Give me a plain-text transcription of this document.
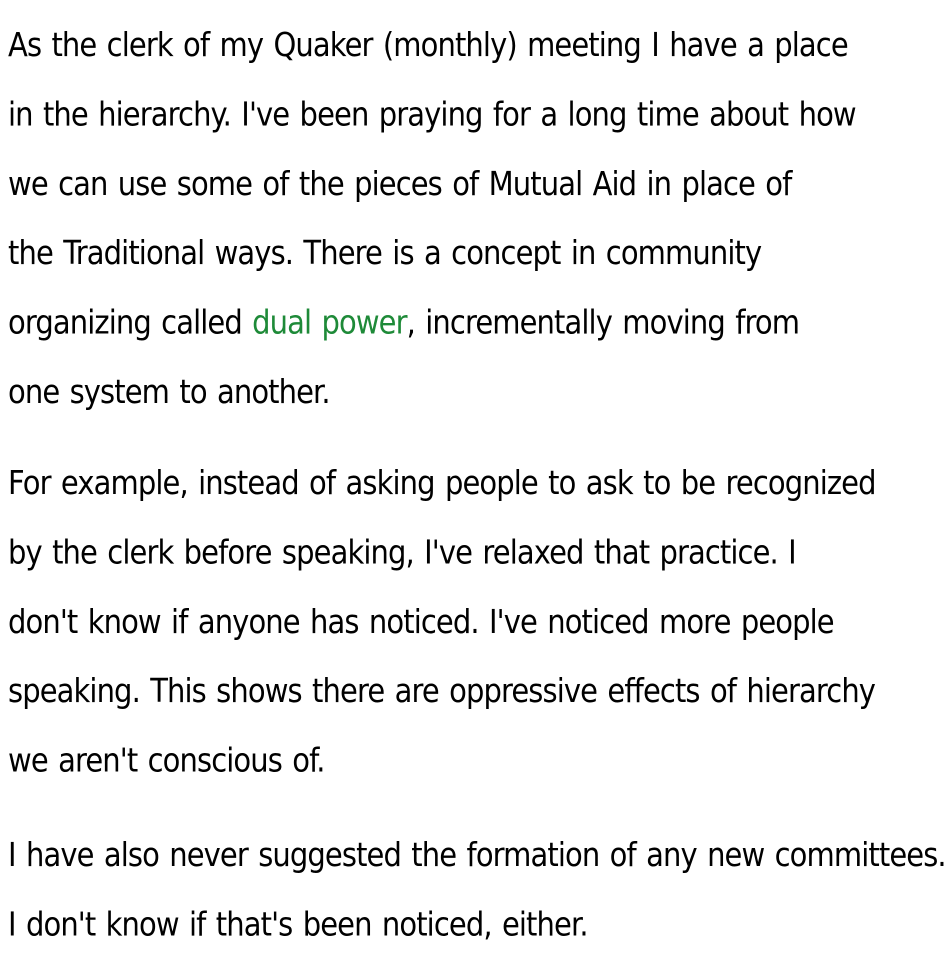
As the clerk of my Quaker (monthly) meeting I have a place
in the hierarchy. I've been praying for a long time about how
we can use some of the pieces of Mutual Aid in place of
the Traditional ways. There is a concept in community
organizing called dual power, incrementally moving from
one system to another.

For example, instead of asking people to ask to be recognized
by the clerk before speaking, I've relaxed that practice. I
don't know if anyone has noticed. I've noticed more people
speaking. This shows there are oppressive effects of hierarchy
we aren't conscious of.

I have also never suggested the formation of any new committees.
I don't know if that's been noticed, either.
